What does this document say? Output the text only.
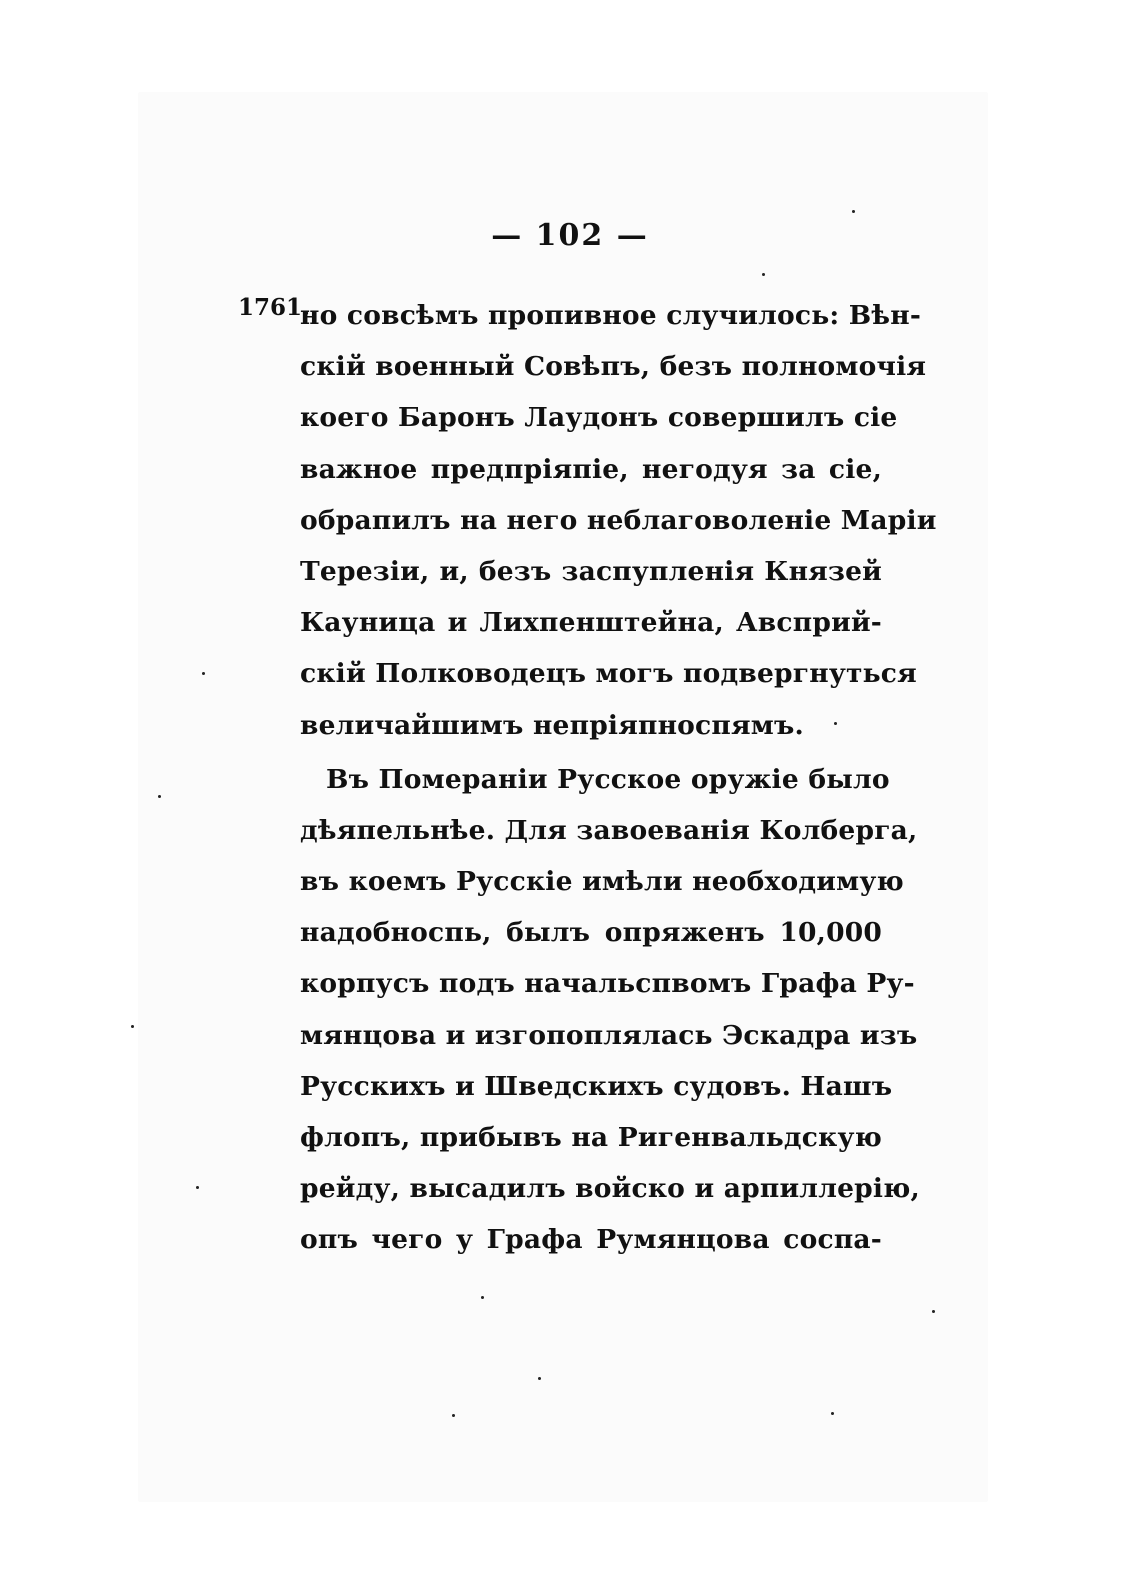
— 102 —
1761.
но совсѣмъ пропивное случилось: Вѣн-
скій военный Совѣпъ, безъ полномочія
коего Баронъ Лаудонъ совершилъ сіе
важное предпріяпіе, негодуя за сіе,
обрапилъ на него неблаговоленіе Маріи
Терезіи, и, безъ заспупленія Князей
Кауница и Лихпенштейна, Авсприй-
скій Полководецъ могъ подвергнуться
величайшимъ непріяпноспямъ.
Въ Помераніи Русское оружіе было
дѣяпельнѣе. Для завоеванія Колберга,
въ коемъ Русскіе имѣли необходимую
надобноспь, былъ опряженъ 10,000
корпусъ подъ начальспвомъ Графа Ру-
мянцова и изгопоплялась Эскадра изъ
Русскихъ и Шведскихъ судовъ. Нашъ
флопъ, прибывъ на Ригенвальдскую
рейду, высадилъ войско и арпиллерію,
опъ чего у Графа Румянцова соспа-
